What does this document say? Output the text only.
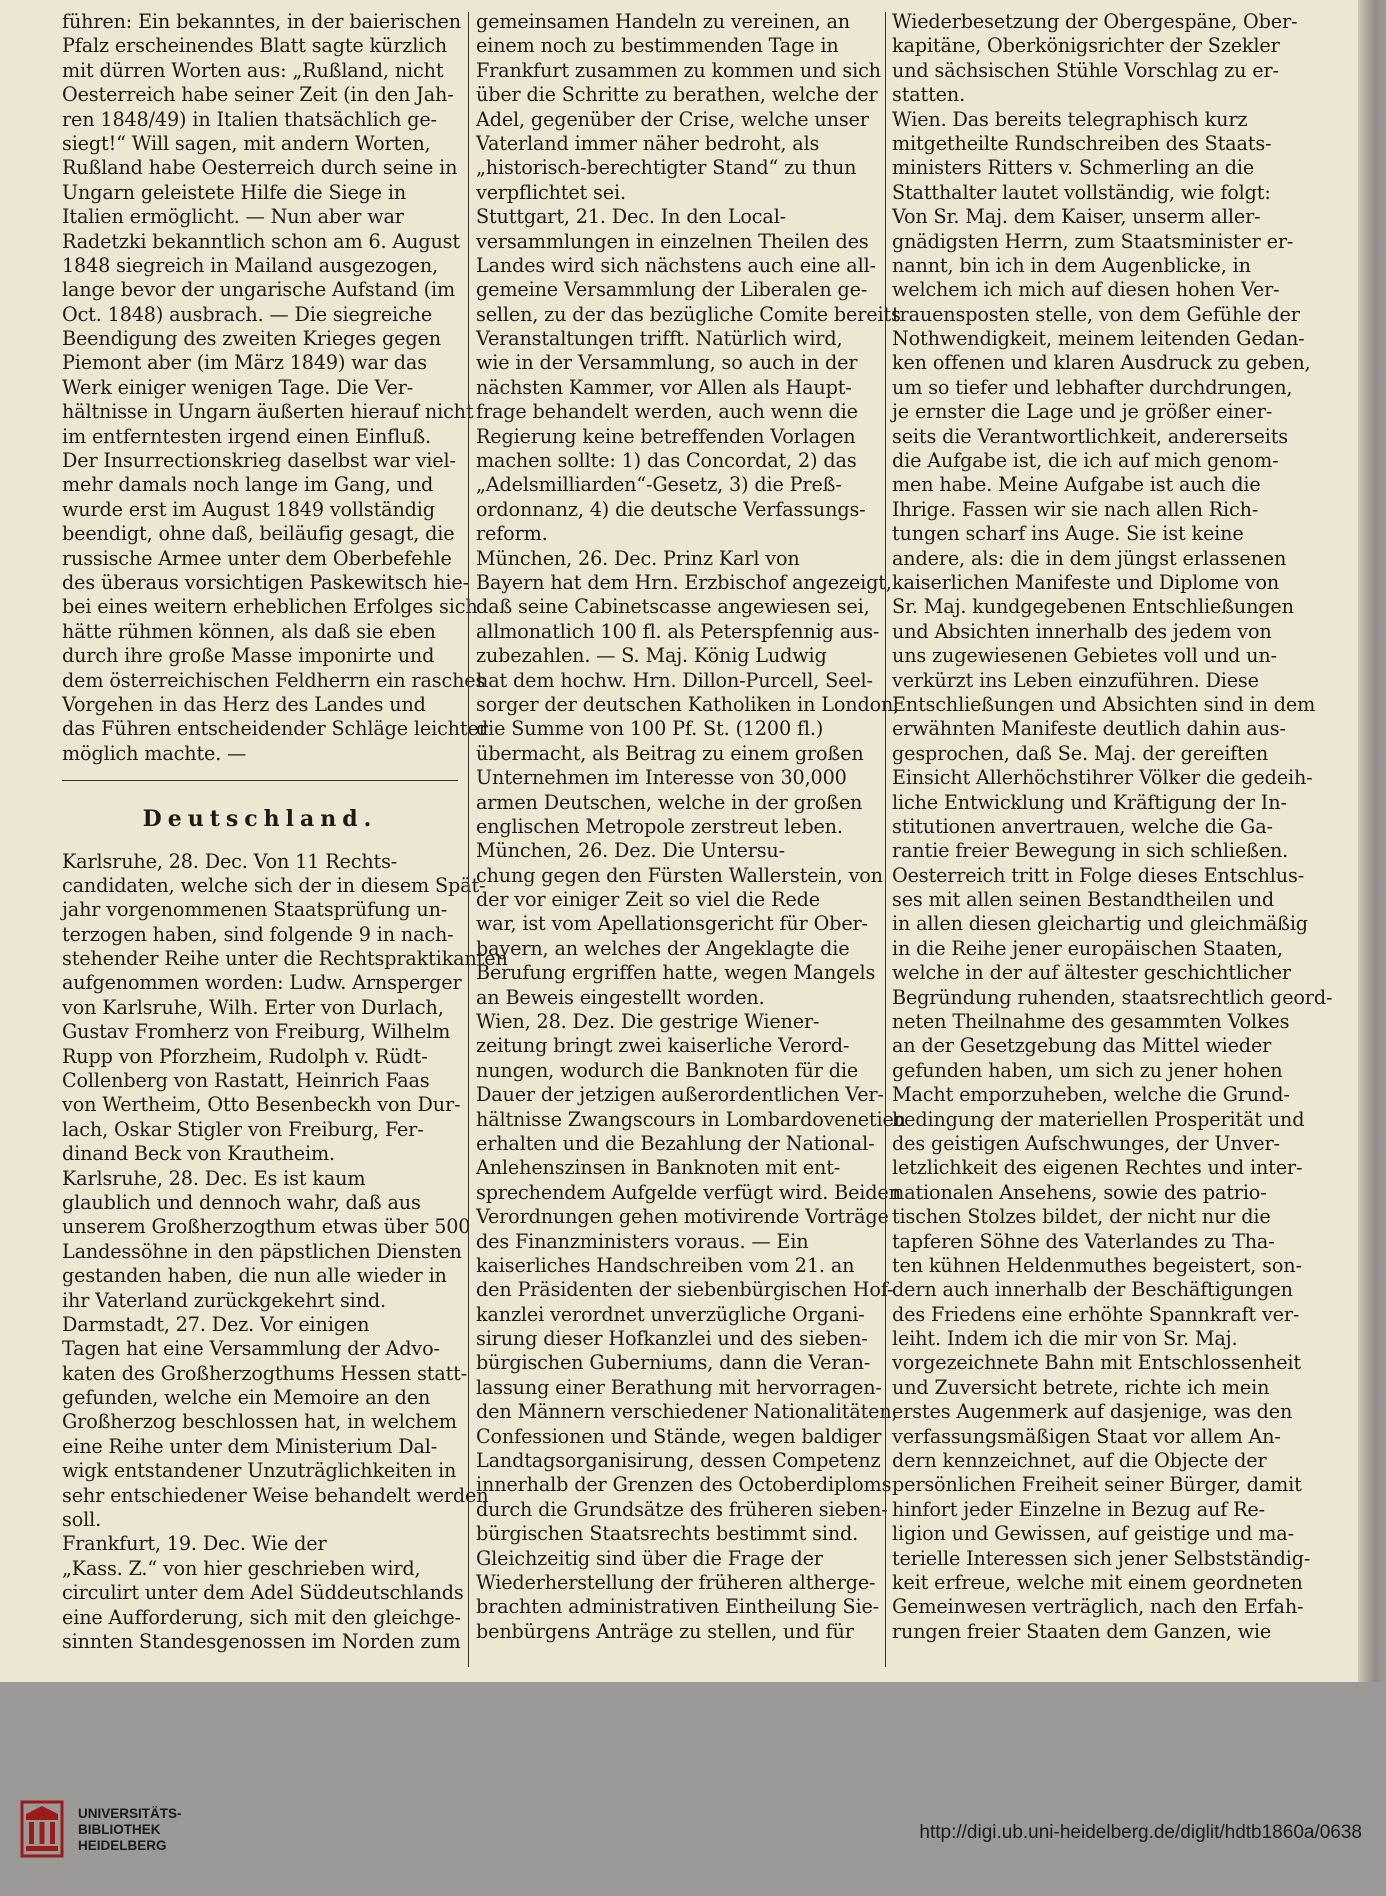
führen: Ein bekanntes, in der baierischen
Pfalz erscheinendes Blatt sagte kürzlich
mit dürren Worten aus: „Rußland, nicht
Oesterreich habe seiner Zeit (in den Jah-
ren 1848/49) in Italien thatsächlich ge-
siegt!“ Will sagen, mit andern Worten,
Rußland habe Oesterreich durch seine in
Ungarn geleistete Hilfe die Siege in
Italien ermöglicht. — Nun aber war
Radetzki bekanntlich schon am 6. August
1848 siegreich in Mailand ausgezogen,
lange bevor der ungarische Aufstand (im
Oct. 1848) ausbrach. — Die siegreiche
Beendigung des zweiten Krieges gegen
Piemont aber (im März 1849) war das
Werk einiger wenigen Tage. Die Ver-
hältnisse in Ungarn äußerten hierauf nicht
im entferntesten irgend einen Einfluß.
Der Insurrectionskrieg daselbst war viel-
mehr damals noch lange im Gang, und
wurde erst im August 1849 vollständig
beendigt, ohne daß, beiläufig gesagt, die
russische Armee unter dem Oberbefehle
des überaus vorsichtigen Paskewitsch hie-
bei eines weitern erheblichen Erfolges sich
hätte rühmen können, als daß sie eben
durch ihre große Masse imponirte und
dem österreichischen Feldherrn ein rasches
Vorgehen in das Herz des Landes und
das Führen entscheidender Schläge leichter
möglich machte. —
Deutschland.
Karlsruhe, 28. Dec. Von 11 Rechts-
candidaten, welche sich der in diesem Spät-
jahr vorgenommenen Staatsprüfung un-
terzogen haben, sind folgende 9 in nach-
stehender Reihe unter die Rechtspraktikanten
aufgenommen worden: Ludw. Arnsperger
von Karlsruhe, Wilh. Erter von Durlach,
Gustav Fromherz von Freiburg, Wilhelm
Rupp von Pforzheim, Rudolph v. Rüdt-
Collenberg von Rastatt, Heinrich Faas
von Wertheim, Otto Besenbeckh von Dur-
lach, Oskar Stigler von Freiburg, Fer-
dinand Beck von Krautheim.
Karlsruhe, 28. Dec. Es ist kaum
glaublich und dennoch wahr, daß aus
unserem Großherzogthum etwas über 500
Landessöhne in den päpstlichen Diensten
gestanden haben, die nun alle wieder in
ihr Vaterland zurückgekehrt sind.
Darmstadt, 27. Dez. Vor einigen
Tagen hat eine Versammlung der Advo-
katen des Großherzogthums Hessen statt-
gefunden, welche ein Memoire an den
Großherzog beschlossen hat, in welchem
eine Reihe unter dem Ministerium Dal-
wigk entstandener Unzuträglichkeiten in
sehr entschiedener Weise behandelt werden
soll.
Frankfurt, 19. Dec. Wie der
„Kass. Z.“ von hier geschrieben wird,
circulirt unter dem Adel Süddeutschlands
eine Aufforderung, sich mit den gleichge-
sinnten Standesgenossen im Norden zum
gemeinsamen Handeln zu vereinen, an
einem noch zu bestimmenden Tage in
Frankfurt zusammen zu kommen und sich
über die Schritte zu berathen, welche der
Adel, gegenüber der Crise, welche unser
Vaterland immer näher bedroht, als
„historisch-berechtigter Stand“ zu thun
verpflichtet sei.
Stuttgart, 21. Dec. In den Local-
versammlungen in einzelnen Theilen des
Landes wird sich nächstens auch eine all-
gemeine Versammlung der Liberalen ge-
sellen, zu der das bezügliche Comite bereits
Veranstaltungen trifft. Natürlich wird,
wie in der Versammlung, so auch in der
nächsten Kammer, vor Allen als Haupt-
frage behandelt werden, auch wenn die
Regierung keine betreffenden Vorlagen
machen sollte: 1) das Concordat, 2) das
„Adelsmilliarden“-Gesetz, 3) die Preß-
ordonnanz, 4) die deutsche Verfassungs-
reform.
München, 26. Dec. Prinz Karl von
Bayern hat dem Hrn. Erzbischof angezeigt,
daß seine Cabinetscasse angewiesen sei,
allmonatlich 100 fl. als Peterspfennig aus-
zubezahlen. — S. Maj. König Ludwig
hat dem hochw. Hrn. Dillon-Purcell, Seel-
sorger der deutschen Katholiken in London,
die Summe von 100 Pf. St. (1200 fl.)
übermacht, als Beitrag zu einem großen
Unternehmen im Interesse von 30,000
armen Deutschen, welche in der großen
englischen Metropole zerstreut leben.
München, 26. Dez. Die Untersu-
chung gegen den Fürsten Wallerstein, von
der vor einiger Zeit so viel die Rede
war, ist vom Apellationsgericht für Ober-
bayern, an welches der Angeklagte die
Berufung ergriffen hatte, wegen Mangels
an Beweis eingestellt worden.
Wien, 28. Dez. Die gestrige Wiener-
zeitung bringt zwei kaiserliche Verord-
nungen, wodurch die Banknoten für die
Dauer der jetzigen außerordentlichen Ver-
hältnisse Zwangscours in Lombardovenetien
erhalten und die Bezahlung der National-
Anlehenszinsen in Banknoten mit ent-
sprechendem Aufgelde verfügt wird. Beiden
Verordnungen gehen motivirende Vorträge
des Finanzministers voraus. — Ein
kaiserliches Handschreiben vom 21. an
den Präsidenten der siebenbürgischen Hof-
kanzlei verordnet unverzügliche Organi-
sirung dieser Hofkanzlei und des sieben-
bürgischen Guberniums, dann die Veran-
lassung einer Berathung mit hervorragen-
den Männern verschiedener Nationalitäten,
Confessionen und Stände, wegen baldiger
Landtagsorganisirung, dessen Competenz
innerhalb der Grenzen des Octoberdiploms
durch die Grundsätze des früheren sieben-
bürgischen Staatsrechts bestimmt sind.
Gleichzeitig sind über die Frage der
Wiederherstellung der früheren altherge-
brachten administrativen Eintheilung Sie-
benbürgens Anträge zu stellen, und für
Wiederbesetzung der Obergespäne, Ober-
kapitäne, Oberkönigsrichter der Szekler
und sächsischen Stühle Vorschlag zu er-
statten.
Wien. Das bereits telegraphisch kurz
mitgetheilte Rundschreiben des Staats-
ministers Ritters v. Schmerling an die
Statthalter lautet vollständig, wie folgt:
Von Sr. Maj. dem Kaiser, unserm aller-
gnädigsten Herrn, zum Staatsminister er-
nannt, bin ich in dem Augenblicke, in
welchem ich mich auf diesen hohen Ver-
trauensposten stelle, von dem Gefühle der
Nothwendigkeit, meinem leitenden Gedan-
ken offenen und klaren Ausdruck zu geben,
um so tiefer und lebhafter durchdrungen,
je ernster die Lage und je größer einer-
seits die Verantwortlichkeit, andererseits
die Aufgabe ist, die ich auf mich genom-
men habe. Meine Aufgabe ist auch die
Ihrige. Fassen wir sie nach allen Rich-
tungen scharf ins Auge. Sie ist keine
andere, als: die in dem jüngst erlassenen
kaiserlichen Manifeste und Diplome von
Sr. Maj. kundgegebenen Entschließungen
und Absichten innerhalb des jedem von
uns zugewiesenen Gebietes voll und un-
verkürzt ins Leben einzuführen. Diese
Entschließungen und Absichten sind in dem
erwähnten Manifeste deutlich dahin aus-
gesprochen, daß Se. Maj. der gereiften
Einsicht Allerhöchstihrer Völker die gedeih-
liche Entwicklung und Kräftigung der In-
stitutionen anvertrauen, welche die Ga-
rantie freier Bewegung in sich schließen.
Oesterreich tritt in Folge dieses Entschlus-
ses mit allen seinen Bestandtheilen und
in allen diesen gleichartig und gleichmäßig
in die Reihe jener europäischen Staaten,
welche in der auf ältester geschichtlicher
Begründung ruhenden, staatsrechtlich geord-
neten Theilnahme des gesammten Volkes
an der Gesetzgebung das Mittel wieder
gefunden haben, um sich zu jener hohen
Macht emporzuheben, welche die Grund-
bedingung der materiellen Prosperität und
des geistigen Aufschwunges, der Unver-
letzlichkeit des eigenen Rechtes und inter-
nationalen Ansehens, sowie des patrio-
tischen Stolzes bildet, der nicht nur die
tapferen Söhne des Vaterlandes zu Tha-
ten kühnen Heldenmuthes begeistert, son-
dern auch innerhalb der Beschäftigungen
des Friedens eine erhöhte Spannkraft ver-
leiht. Indem ich die mir von Sr. Maj.
vorgezeichnete Bahn mit Entschlossenheit
und Zuversicht betrete, richte ich mein
erstes Augenmerk auf dasjenige, was den
verfassungsmäßigen Staat vor allem An-
dern kennzeichnet, auf die Objecte der
persönlichen Freiheit seiner Bürger, damit
hinfort jeder Einzelne in Bezug auf Re-
ligion und Gewissen, auf geistige und ma-
terielle Interessen sich jener Selbstständig-
keit erfreue, welche mit einem geordneten
Gemeinwesen verträglich, nach den Erfah-
rungen freier Staaten dem Ganzen, wie
UNIVERSITÄTS-
BIBLIOTHEK
HEIDELBERG
http://digi.ub.uni-heidelberg.de/diglit/hdtb1860a/0638
